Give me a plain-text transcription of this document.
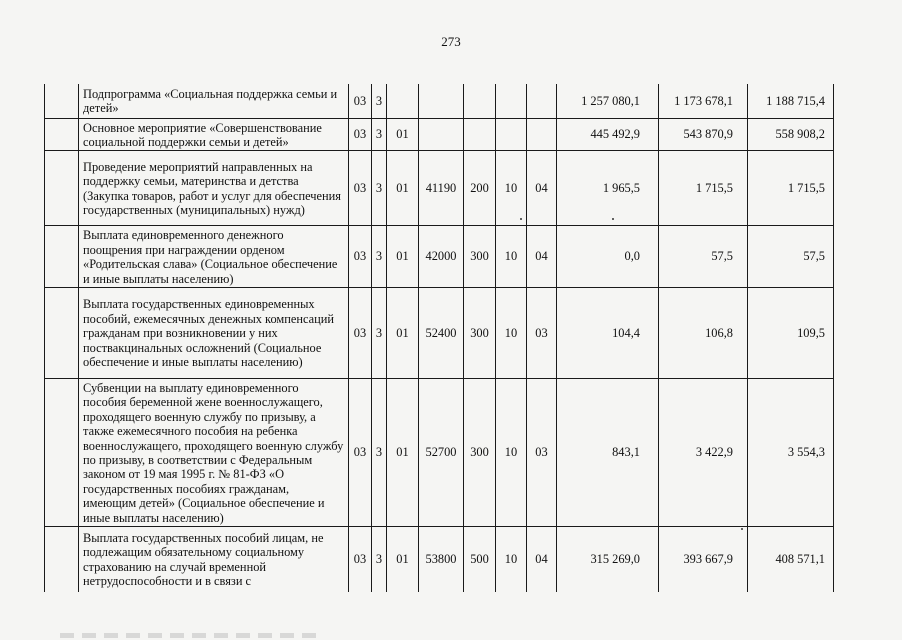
273
	Подпрограмма «Социальная поддержка семьи и детей»	03	3						1 257 080,1	1 173 678,1	1 188 715,4
	Основное мероприятие «Совершенствование социальной поддержки семьи и детей»	03	3	01					445 492,9	543 870,9	558 908,2
	Проведение мероприятий направленных на поддержку семьи, материнства и детства (Закупка товаров, работ и услуг для обеспечения государственных (муниципальных) нужд)	03	3	01	41190	200	10	04	1 965,5	1 715,5	1 715,5
	Выплата единовременного денежного поощрения при награждении орденом «Родительская слава» (Социальное обеспечение и иные выплаты населению)	03	3	01	42000	300	10	04	0,0	57,5	57,5
	Выплата государственных единовременных пособий, ежемесячных денежных компенсаций гражданам при возникновении у них поствакцинальных осложнений (Социальное обеспечение и иные выплаты населению)	03	3	01	52400	300	10	03	104,4	106,8	109,5
	Субвенции на выплату единовременного пособия беременной жене военнослужащего, проходящего военную службу по призыву, а также ежемесячного пособия на ребенка военнослужащего, проходящего военную службу по призыву, в соответствии с Федеральным законом от 19 мая 1995 г. № 81-ФЗ «О государственных пособиях гражданам, имеющим детей» (Социальное обеспечение и иные выплаты населению)	03	3	01	52700	300	10	03	843,1	3 422,9	3 554,3
	Выплата государственных пособий лицам, не подлежащим обязательному социальному страхованию на случай временной нетрудоспособности и в связи с	03	3	01	53800	500	10	04	315 269,0	393 667,9	408 571,1
